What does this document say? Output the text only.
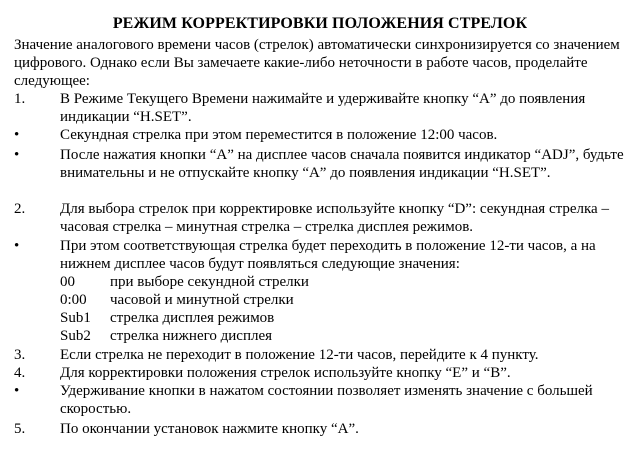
РЕЖИМ КОРРЕКТИРОВКИ ПОЛОЖЕНИЯ СТРЕЛОК

Значение аналогового времени часов (стрелок) автоматически синхронизируется со значением цифрового. Однако если Вы замечаете какие-либо неточности в работе часов, проделайте следующее:

1.	В Режиме Текущего Времени нажимайте и удерживайте кнопку “A” до появления индикации “H.SET”.
•	Секундная стрелка при этом переместится в положение 12:00 часов.
•	После нажатия кнопки “A” на дисплее часов сначала появится индикатор “ADJ”, будьте внимательны и не отпускайте кнопку “A” до появления индикации “H.SET”.
2.	Для выбора стрелок при корректировке используйте кнопку “D”: секундная стрелка – часовая стрелка – минутная стрелка – стрелка дисплея режимов.
•	При этом соответствующая стрелка будет переходить в положение 12-ти часов, а на нижнем дисплее часов будут появляться следующие значения:
00 при выборе секундной стрелки
0:00 часовой и минутной стрелки
Sub1 стрелка дисплея режимов
Sub2 стрелка нижнего дисплея
3.	Если стрелка не переходит в положение 12-ти часов, перейдите к 4 пункту.
4.	Для корректировки положения стрелок используйте кнопку “E” и “B”.
•	Удерживание кнопки в нажатом состоянии позволяет изменять значение с большей скоростью.
5.	По окончании установок нажмите кнопку “A”.
